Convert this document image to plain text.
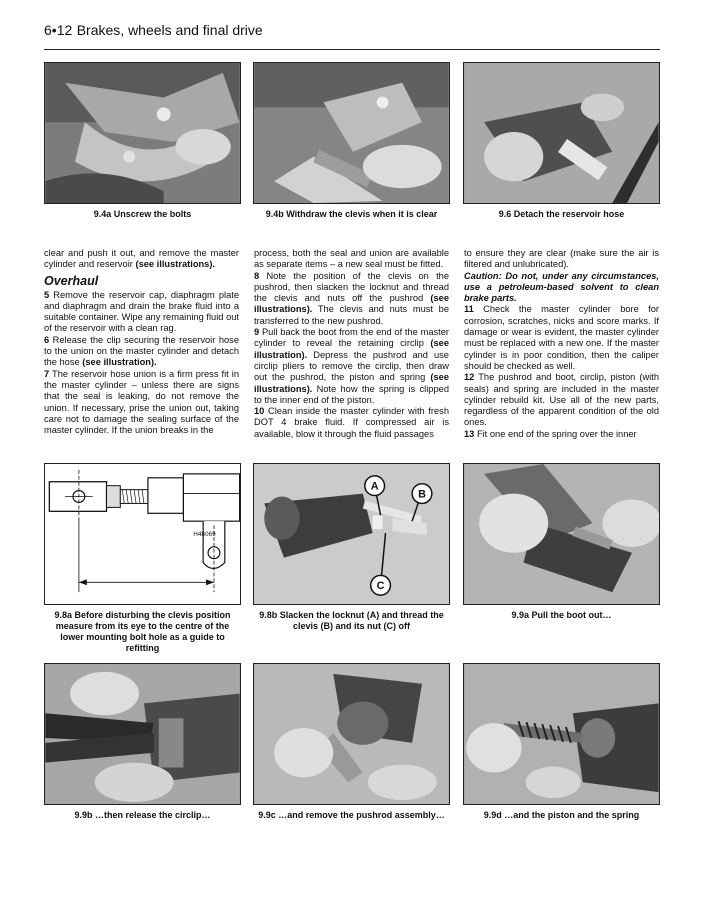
6•12 Brakes, wheels and final drive
9.4a Unscrew the bolts	9.4b Withdraw the clevis when it is clear	9.6 Detach the reservoir hose

clear and push it out, and remove the master cylinder and reservoir (see illustrations).

Overhaul

5 Remove the reservoir cap, diaphragm plate and diaphragm and drain the brake fluid into a suitable container. Wipe any remaining fluid out of the reservoir with a clean rag.

6 Release the clip securing the reservoir hose to the union on the master cylinder and detach the hose (see illustration).

7 The reservoir hose union is a firm press fit in the master cylinder – unless there are signs that the seal is leaking, do not remove the union. If necessary, prise the union out, taking care not to damage the sealing surface of the master cylinder. If the union breaks in the

process, both the seal and union are available as separate items – a new seal must be fitted.

8 Note the position of the clevis on the pushrod, then slacken the locknut and thread the clevis and nuts off the pushrod (see illustrations). The clevis and nuts must be transferred to the new pushrod.

9 Pull back the boot from the end of the master cylinder to reveal the retaining circlip (see illustration). Depress the pushrod and use circlip pliers to remove the circlip, then draw out the pushrod, the piston and spring (see illustrations). Note how the spring is clipped to the inner end of the piston.

10 Clean inside the master cylinder with fresh DOT 4 brake fluid. If compressed air is available, blow it through the fluid passages

to ensure they are clear (make sure the air is filtered and unlubricated).

Caution: Do not, under any circumstances, use a petroleum-based solvent to clean brake parts.

11 Check the master cylinder bore for corrosion, scratches, nicks and score marks. If damage or wear is evident, the master cylinder must be replaced with a new one. If the master cylinder is in poor condition, then the caliper should be checked as well.

12 The pushrod and boot, circlip, piston (with seals) and spring are included in the master cylinder rebuild kit. Use all of the new parts, regardless of the apparent condition of the old ones.

13 Fit one end of the spring over the inner

H48069
9.8a Before disturbing the clevis position measure from its eye to the centre of the lower mounting bolt hole as a guide to refitting
A
B
C
9.8b Slacken the locknut (A) and thread the clevis (B) and its nut (C) off
9.9a Pull the boot out…
9.9b …then release the circlip…	9.9c …and remove the pushrod assembly…	9.9d …and the piston and the spring
